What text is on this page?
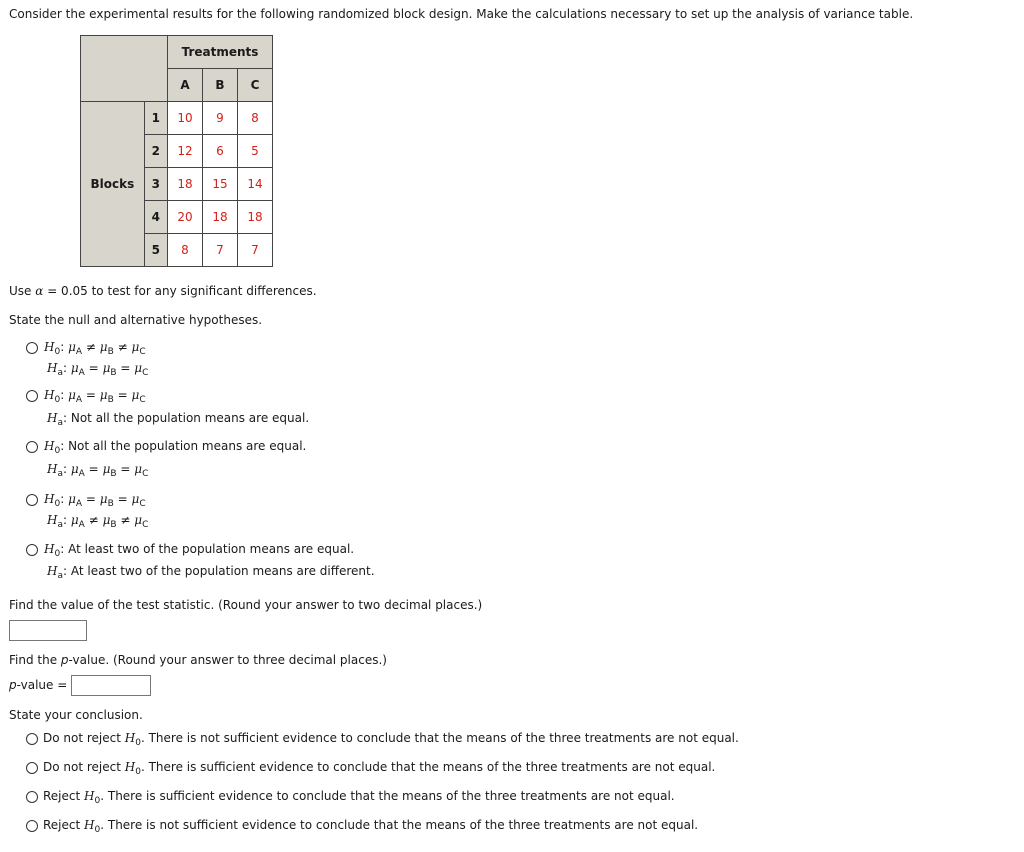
Consider the experimental results for the following randomized block design. Make the calculations necessary to set up the analysis of variance table.
		Treatments		
		A	B	C
Blocks	1	10	9	8
	2	12	6	5
	3	18	15	14
	4	20	18	18
	5	8	7	7
Use α = 0.05 to test for any significant differences.
State the null and alternative hypotheses.
$H_0$: $\mu_A \ne \mu_B \ne \mu_C$
$H_a$: $\mu_A = \mu_B = \mu_C$
$H_0$: $\mu_A = \mu_B = \mu_C$
$H_a$: Not all the population means are equal.
$H_0$: Not all the population means are equal.
$H_a$: $\mu_A = \mu_B = \mu_C$
$H_0$: $\mu_A = \mu_B = \mu_C$
$H_a$: $\mu_A \ne \mu_B \ne \mu_C$
$H_0$: At least two of the population means are equal.
$H_a$: At least two of the population means are different.
Find the value of the test statistic. (Round your answer to two decimal places.)
Find the p-value. (Round your answer to three decimal places.)
p-value =
State your conclusion.
Do not reject $H_0$. There is not sufficient evidence to conclude that the means of the three treatments are not equal.
Do not reject $H_0$. There is sufficient evidence to conclude that the means of the three treatments are not equal.
Reject $H_0$. There is sufficient evidence to conclude that the means of the three treatments are not equal.
Reject $H_0$. There is not sufficient evidence to conclude that the means of the three treatments are not equal.
